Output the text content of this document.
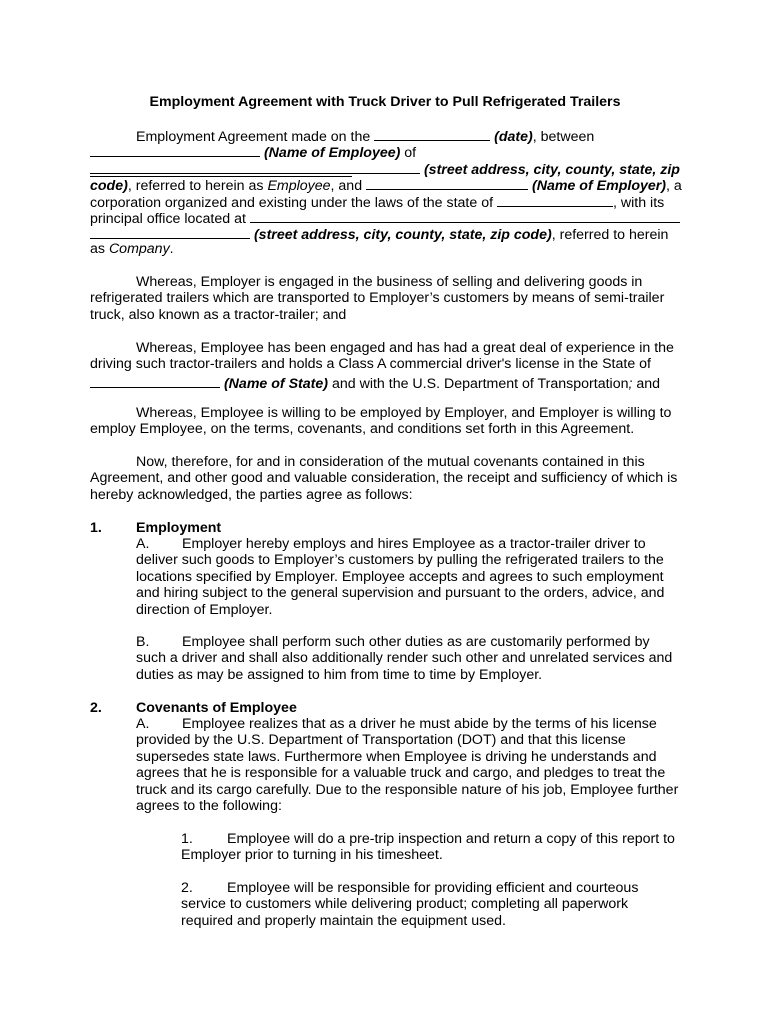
Employment Agreement with Truck Driver to Pull Refrigerated Trailers

Employment Agreement made on the	(date), between

(Name of Employee) of

(street address, city, county, state, zip

code), referred to herein as Employee, and	(Name of Employer), a

corporation organized and existing under the laws of the state of	, with its

principal office located at

(street address, city, county, state, zip code), referred to herein

as Company.

Whereas, Employer is engaged in the business of selling and delivering goods in refrigerated trailers which are transported to Employer’s customers by means of semi-trailer truck, also known as a tractor-trailer; and

Whereas, Employee has been engaged and has had a great deal of experience in the driving such tractor-trailers and holds a Class A commercial driver's license in the State of  (Name of State) and with the U.S. Department of Transportation; and

Whereas, Employee is willing to be employed by Employer, and Employer is willing to employ Employee, on the terms, covenants, and conditions set forth in this Agreement.

Now, therefore, for and in consideration of the mutual covenants contained in this Agreement, and other good and valuable consideration, the receipt and sufficiency of which is hereby acknowledged, the parties agree as follows:

1. Employment

A. Employer hereby employs and hires Employee as a tractor-trailer driver to deliver such goods to Employer’s customers by pulling the refrigerated trailers to the locations specified by Employer. Employee accepts and agrees to such employment and hiring subject to the general supervision and pursuant to the orders, advice, and direction of Employer.

B. Employee shall perform such other duties as are customarily performed by such a driver and shall also additionally render such other and unrelated services and duties as may be assigned to him from time to time by Employer.

2. Covenants of Employee

A. Employee realizes that as a driver he must abide by the terms of his license provided by the U.S. Department of Transportation (DOT) and that this license supersedes state laws. Furthermore when Employee is driving he understands and agrees that he is responsible for a valuable truck and cargo, and pledges to treat the truck and its cargo carefully. Due to the responsible nature of his job, Employee further agrees to the following:

1. Employee will do a pre-trip inspection and return a copy of this report to Employer prior to turning in his timesheet.

2. Employee will be responsible for providing efficient and courteous service to customers while delivering product; completing all paperwork required and properly maintain the equipment used.
